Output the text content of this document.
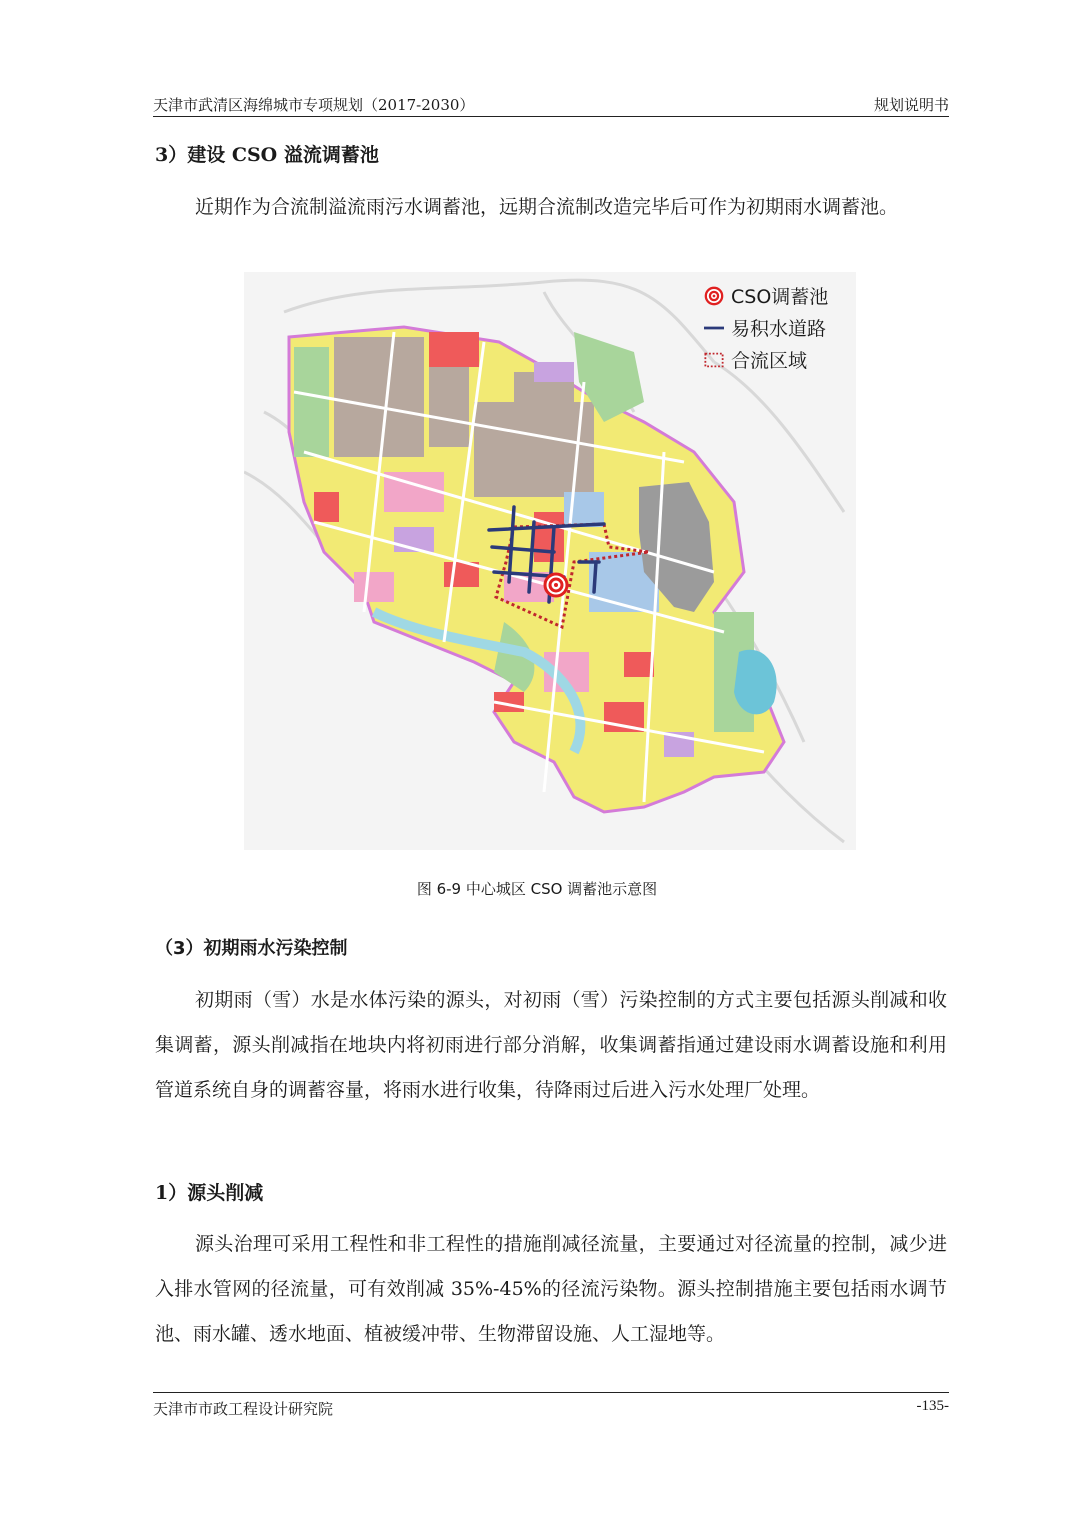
天津市武清区海绵城市专项规划（2017-2030）	规划说明书
3）建设 CSO 溢流调蓄池

近期作为合流制溢流雨污水调蓄池，远期合流制改造完毕后可作为初期雨水调蓄池。

CSO调蓄池
易积水道路
合流区域
图 6-9 中心城区 CSO 调蓄池示意图
（3）初期雨水污染控制

初期雨（雪）水是水体污染的源头，对初雨（雪）污染控制的方式主要包括源头削减和收集调蓄，源头削减指在地块内将初雨进行部分消解，收集调蓄指通过建设雨水调蓄设施和利用管道系统自身的调蓄容量，将雨水进行收集，待降雨过后进入污水处理厂处理。

1）源头削减

源头治理可采用工程性和非工程性的措施削减径流量，主要通过对径流量的控制，减少进入排水管网的径流量，可有效削减 35%-45%的径流污染物。源头控制措施主要包括雨水调节池、雨水罐、透水地面、植被缓冲带、生物滞留设施、人工湿地等。

天津市市政工程设计研究院	-135-
